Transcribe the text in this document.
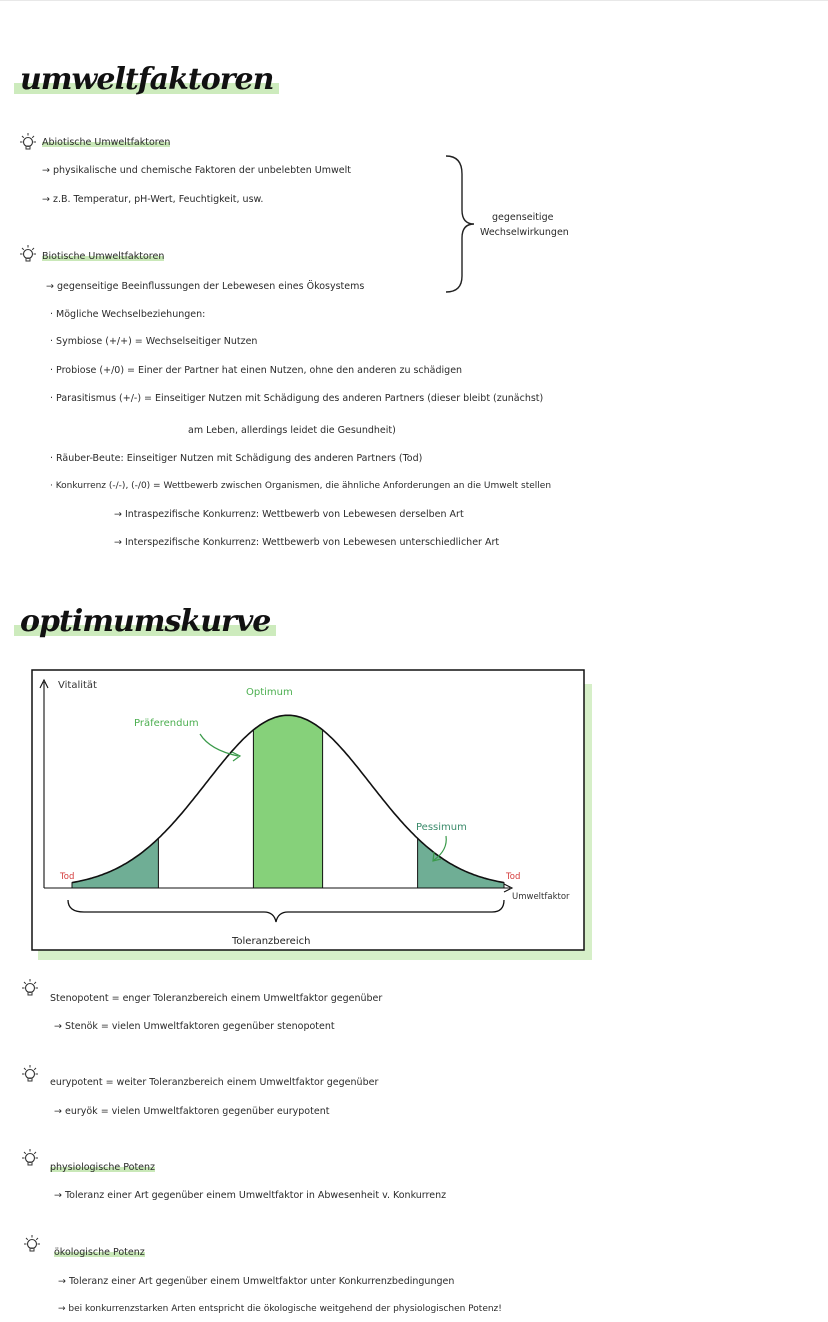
umweltfaktoren
Abiotische Umweltfaktoren
→ physikalische und chemische Faktoren der unbelebten Umwelt
→ z.B. Temperatur, pH-Wert, Feuchtigkeit, usw.
gegenseitige
Wechselwirkungen
Biotische Umweltfaktoren
→ gegenseitige Beeinflussungen der Lebewesen eines Ökosystems
· Mögliche Wechselbeziehungen:
· Symbiose (+/+) = Wechselseitiger Nutzen
· Probiose (+/0) = Einer der Partner hat einen Nutzen, ohne den anderen zu schädigen
· Parasitismus (+/-) = Einseitiger Nutzen mit Schädigung des anderen Partners (dieser bleibt (zunächst)
am Leben, allerdings leidet die Gesundheit)
· Räuber-Beute: Einseitiger Nutzen mit Schädigung des anderen Partners (Tod)
· Konkurrenz (-/-), (-/0) = Wettbewerb zwischen Organismen, die ähnliche Anforderungen an die Umwelt stellen
→ Intraspezifische Konkurrenz: Wettbewerb von Lebewesen derselben Art
→ Interspezifische Konkurrenz: Wettbewerb von Lebewesen unterschiedlicher Art
optimumskurve
Vitalität
Umweltfaktor
Optimum
Präferendum
Pessimum
Tod	Tod
Toleranzbereich
Stenopotent = enger Toleranzbereich einem Umweltfaktor gegenüber
→ Stenök = vielen Umweltfaktoren gegenüber stenopotent
eurypotent = weiter Toleranzbereich einem Umweltfaktor gegenüber
→ euryök = vielen Umweltfaktoren gegenüber eurypotent
physiologische Potenz
→ Toleranz einer Art gegenüber einem Umweltfaktor in Abwesenheit v. Konkurrenz
ökologische Potenz
→ Toleranz einer Art gegenüber einem Umweltfaktor unter Konkurrenzbedingungen
→ bei konkurrenzstarken Arten entspricht die ökologische weitgehend der physiologischen Potenz!
